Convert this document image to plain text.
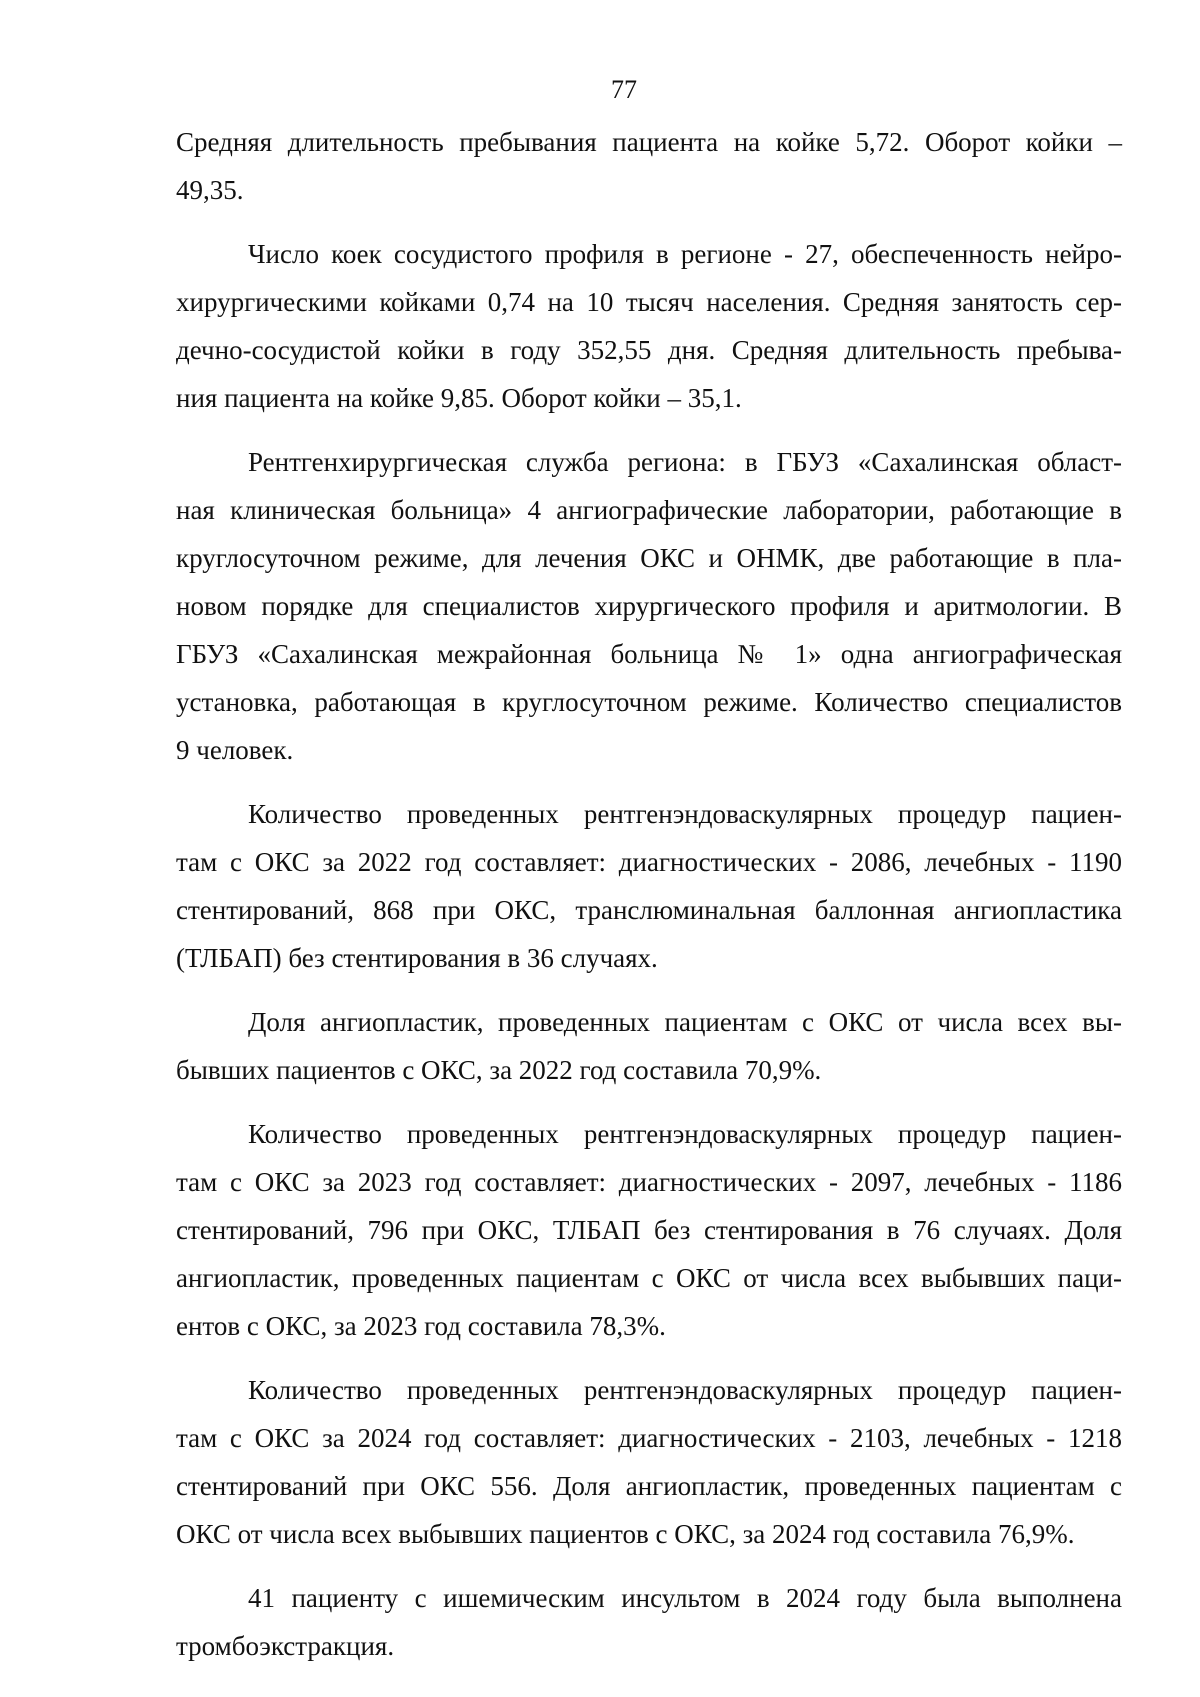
77
Средняя длительность пребывания пациента на койке 5,72. Оборот койки –
49,35.
Число коек сосудистого профиля в регионе - 27, обеспеченность нейро-
хирургическими койками 0,74 на 10 тысяч населения. Средняя занятость сер-
дечно-сосудистой койки в году 352,55 дня. Средняя длительность пребыва-
ния пациента на койке 9,85. Оборот койки – 35,1.
Рентгенхирургическая служба региона: в ГБУЗ «Сахалинская област-
ная клиническая больница» 4 ангиографические лаборатории, работающие в
круглосуточном режиме, для лечения ОКС и ОНМК, две работающие в пла-
новом порядке для специалистов хирургического профиля и аритмологии. В
ГБУЗ «Сахалинская межрайонная больница № 1» одна ангиографическая
установка, работающая в круглосуточном режиме. Количество специалистов
9 человек.
Количество проведенных рентгенэндоваскулярных процедур пациен-
там с ОКС за 2022 год составляет: диагностических - 2086, лечебных - 1190
стентирований, 868 при ОКС, транслюминальная баллонная ангиопластика
(ТЛБАП) без стентирования в 36 случаях.
Доля ангиопластик, проведенных пациентам с ОКС от числа всех вы-
бывших пациентов с ОКС, за 2022 год составила 70,9%.
Количество проведенных рентгенэндоваскулярных процедур пациен-
там с ОКС за 2023 год составляет: диагностических - 2097, лечебных - 1186
стентирований, 796 при ОКС, ТЛБАП без стентирования в 76 случаях. Доля
ангиопластик, проведенных пациентам с ОКС от числа всех выбывших паци-
ентов с ОКС, за 2023 год составила 78,3%.
Количество проведенных рентгенэндоваскулярных процедур пациен-
там с ОКС за 2024 год составляет: диагностических - 2103, лечебных - 1218
стентирований при ОКС 556. Доля ангиопластик, проведенных пациентам с
ОКС от числа всех выбывших пациентов с ОКС, за 2024 год составила 76,9%.
41 пациенту с ишемическим инсультом в 2024 году была выполнена
тромбоэкстракция.
